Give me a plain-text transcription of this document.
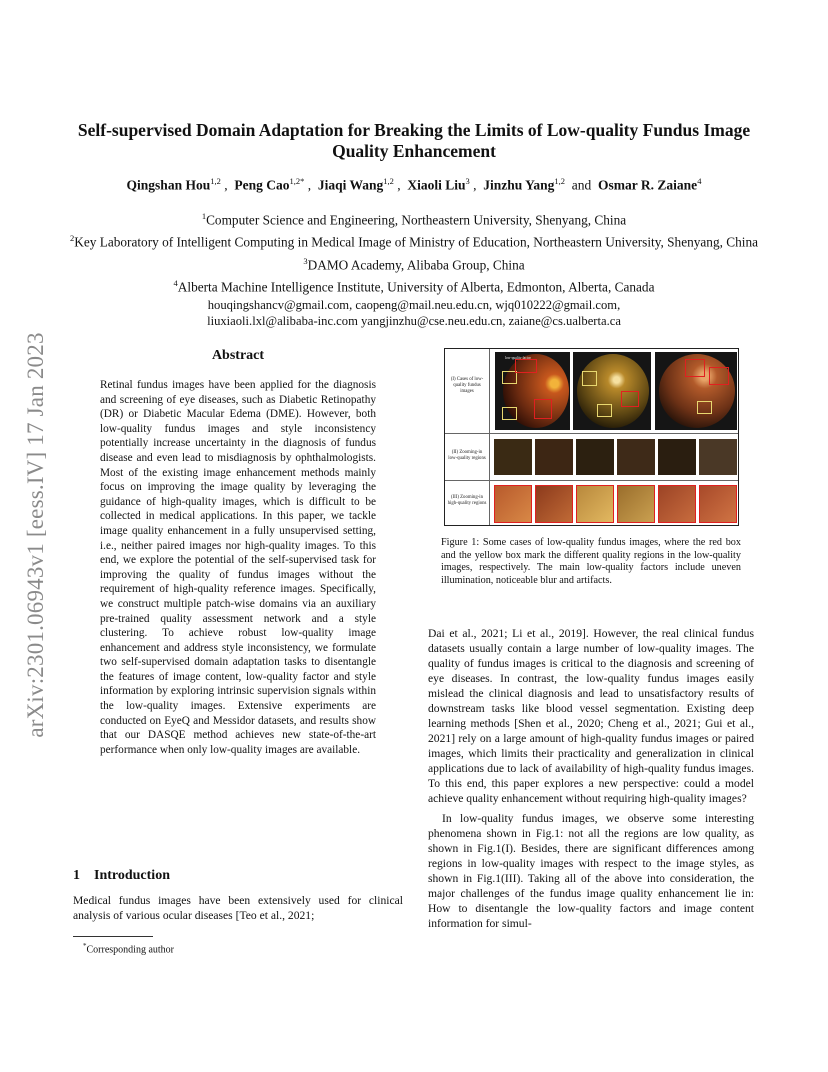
arXiv:2301.06943v1 [eess.IV] 17 Jan 2023
Self-supervised Domain Adaptation for Breaking the Limits of Low-quality Fundus Image Quality Enhancement
Qingshan Hou$^{1,2}$ ,  Peng Cao$^{1,2*}$ ,  Jiaqi Wang$^{1,2}$ ,  Xiaoli Liu$^3$ ,  Jinzhu Yang$^{1,2}$  and  Osmar R. Zaiane$^4$
$^1$Computer Science and Engineering, Northeastern University, Shenyang, China
$^2$Key Laboratory of Intelligent Computing in Medical Image of Ministry of Education, Northeastern University, Shenyang, China
$^3$DAMO Academy, Alibaba Group, China
$^4$Alberta Machine Intelligence Institute, University of Alberta, Edmonton, Alberta, Canada
houqingshancv@gmail.com, caopeng@mail.neu.edu.cn, wjq010222@gmail.com,
liuxiaoli.lxl@alibaba-inc.com yangjinzhu@cse.neu.edu.cn, zaiane@cs.ualberta.ca
Abstract
Retinal fundus images have been applied for the diagnosis and screening of eye diseases, such as Diabetic Retinopathy (DR) or Diabetic Macular Edema (DME). However, both low-quality fundus images and style inconsistency potentially increase uncertainty in the diagnosis of fundus disease and even lead to misdiagnosis by ophthalmologists. Most of the existing image enhancement methods mainly focus on improving the image quality by leveraging the guidance of high-quality images, which is difficult to be collected in medical applications. In this paper, we tackle image quality enhancement in a fully unsupervised setting, i.e., neither paired images nor high-quality images. To this end, we explore the potential of the self-supervised task for improving the quality of fundus images without the requirement of high-quality reference images. Specifically, we construct multiple patch-wise domains via an auxiliary pre-trained quality assessment network and a style clustering. To achieve robust low-quality image enhancement and address style inconsistency, we formulate two self-supervised domain adaptation tasks to disentangle the features of image content, low-quality factor and style information by exploring intrinsic supervision signals within the low-quality images. Extensive experiments are conducted on EyeQ and Messidor datasets, and results show that our DASQE method achieves new state-of-the-art performance when only low-quality images are available.
1 Introduction
Medical fundus images have been extensively used for clinical analysis of various ocular diseases [Teo et al., 2021;
*Corresponding author
(I) Cases of low-quality fundus images
(II) Zooming-in low-quality regions
(III) Zooming-in high-quality regions
low-quality factor
Figure 1: Some cases of low-quality fundus images, where the red box and the yellow box mark the different quality regions in the low-quality images, respectively. The main low-quality factors include uneven illumination, noticeable blur and artifacts.

Dai et al., 2021; Li et al., 2019]. However, the real clinical fundus datasets usually contain a large number of low-quality images. The quality of fundus images is critical to the diagnosis and screening of eye diseases. In contrast, the low-quality fundus images easily mislead the clinical diagnosis and lead to unsatisfactory results of downstream tasks like blood vessel segmentation. Existing deep learning methods [Shen et al., 2020; Cheng et al., 2021; Gui et al., 2021] rely on a large amount of high-quality fundus images or paired images, which limits their practicality and generalization in clinical applications due to lack of availability of high-quality fundus images. To this end, this paper explores a new perspective: could a model achieve quality enhancement without requiring high-quality images?

In low-quality fundus images, we observe some interesting phenomena shown in Fig.1: not all the regions are low quality, as shown in Fig.1(I). Besides, there are significant differences among regions in low-quality images with respect to the image styles, as shown in Fig.1(III). Taking all of the above into consideration, the major challenges of the fundus image quality enhancement lie in: How to disentangle the low-quality factors and image content information for simul-
